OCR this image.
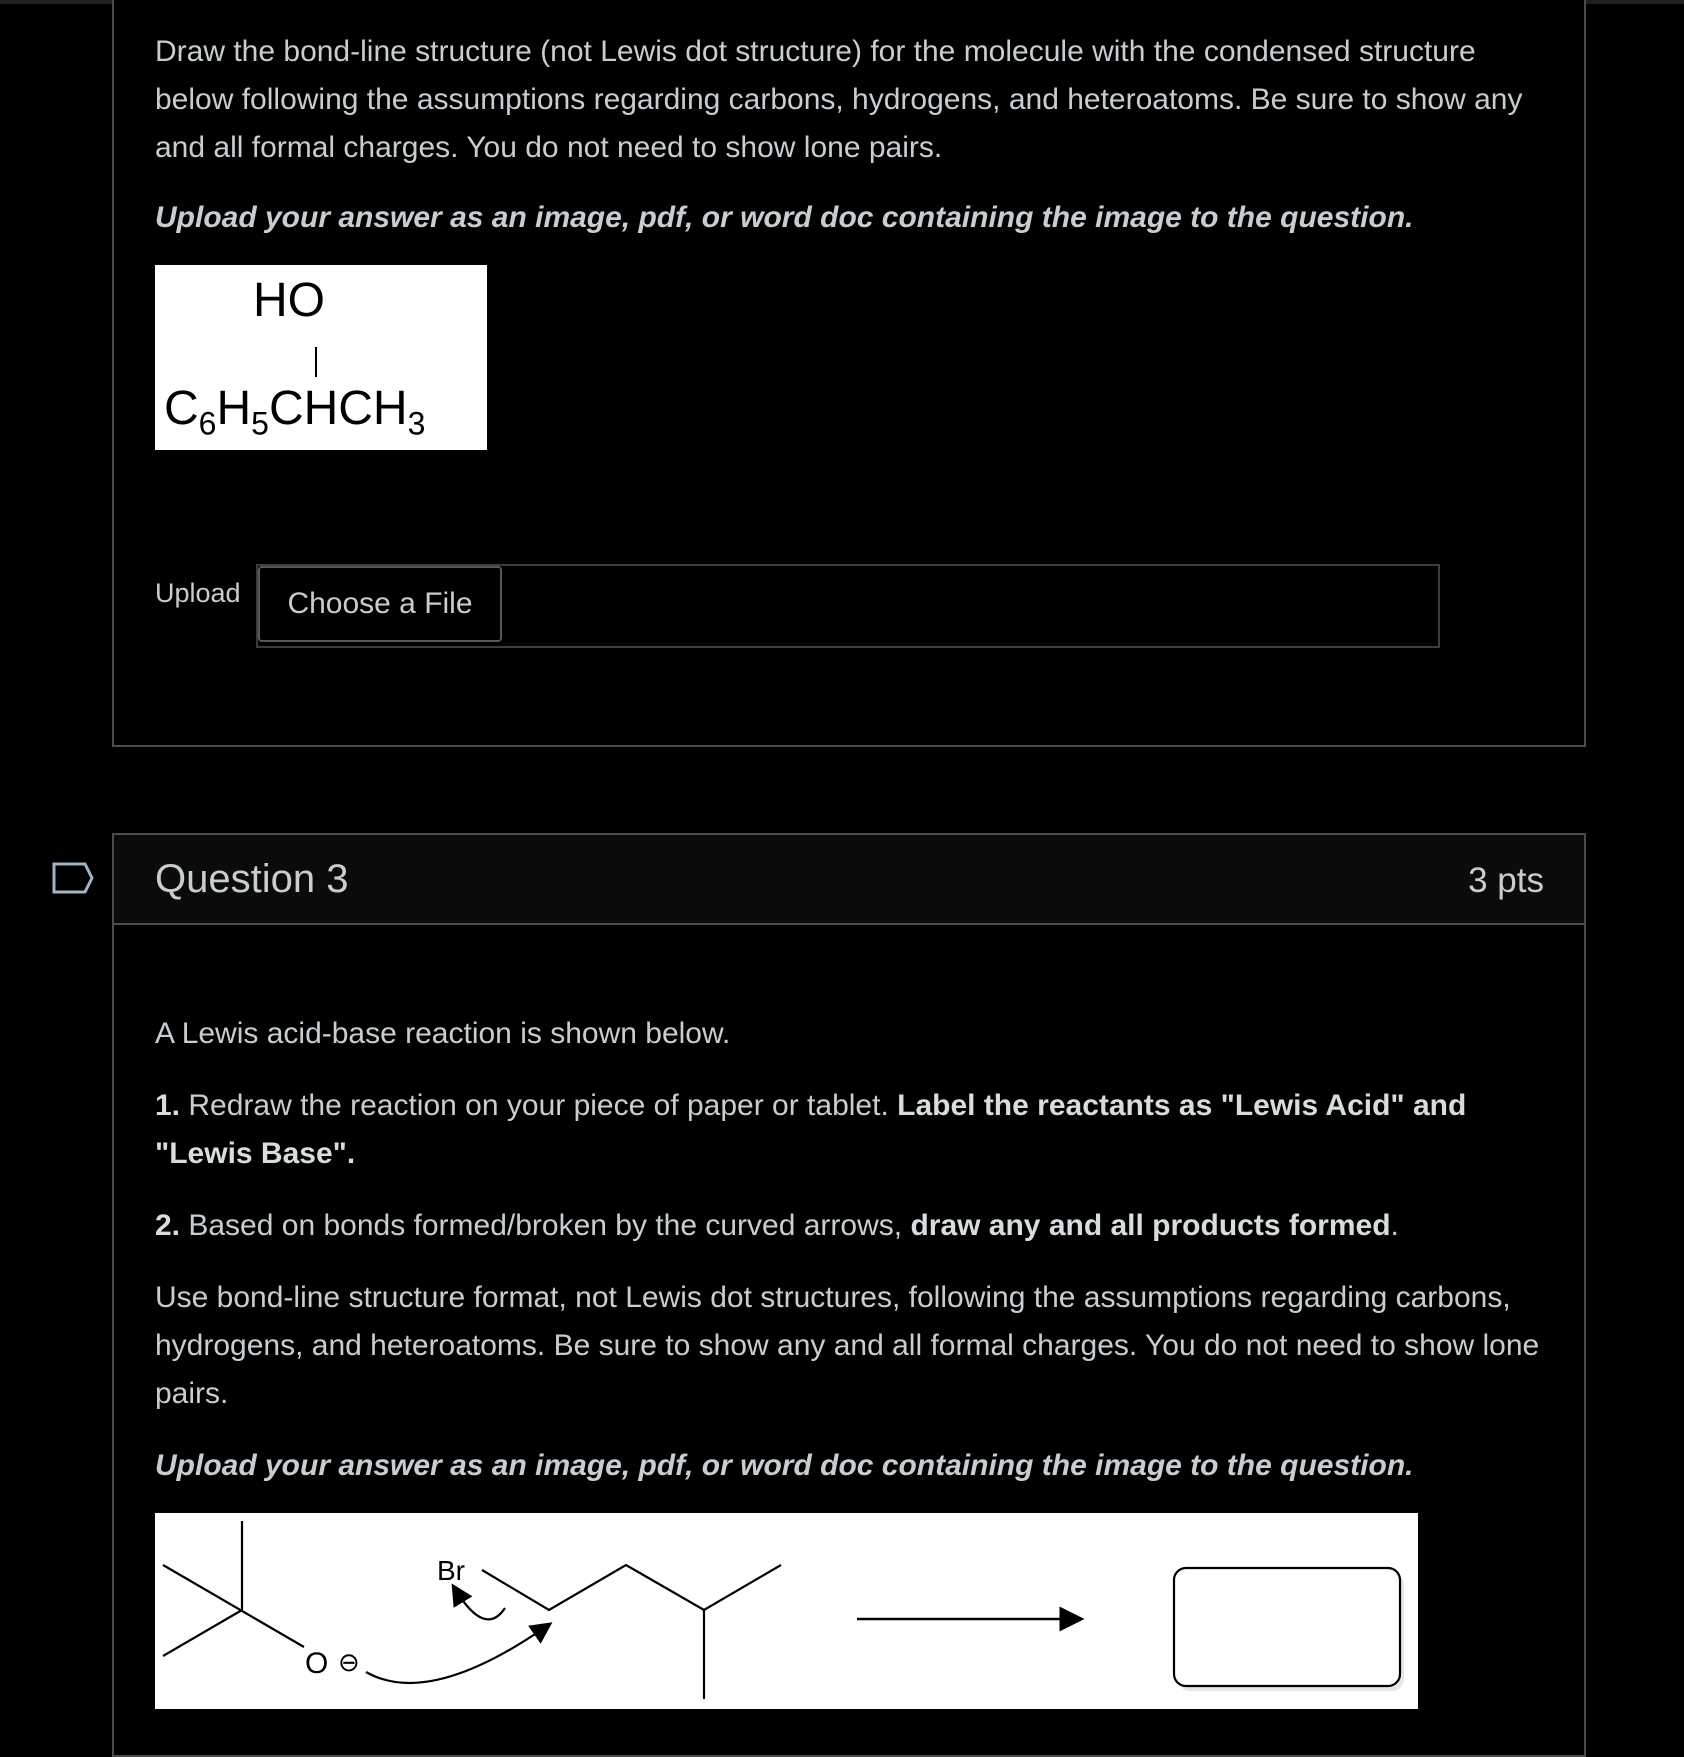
Draw the bond-line structure (not Lewis dot structure) for the molecule with the condensed structure below following the assumptions regarding carbons, hydrogens, and heteroatoms. Be sure to show any and all formal charges. You do not need to show lone pairs.

Upload your answer as an image, pdf, or word doc containing the image to the question.

HO
$C_6H_5CHCH_3$
Upload	Choose a File
Question 3	3 pts

A Lewis acid-base reaction is shown below.

1. Redraw the reaction on your piece of paper or tablet. Label the reactants as "Lewis Acid" and "Lewis Base".

2. Based on bonds formed/broken by the curved arrows, draw any and all products formed.

Use bond-line structure format, not Lewis dot structures, following the assumptions regarding carbons, hydrogens, and heteroatoms. Be sure to show any and all formal charges. You do not need to show lone pairs.

Upload your answer as an image, pdf, or word doc containing the image to the question.

O ⊖
Br
